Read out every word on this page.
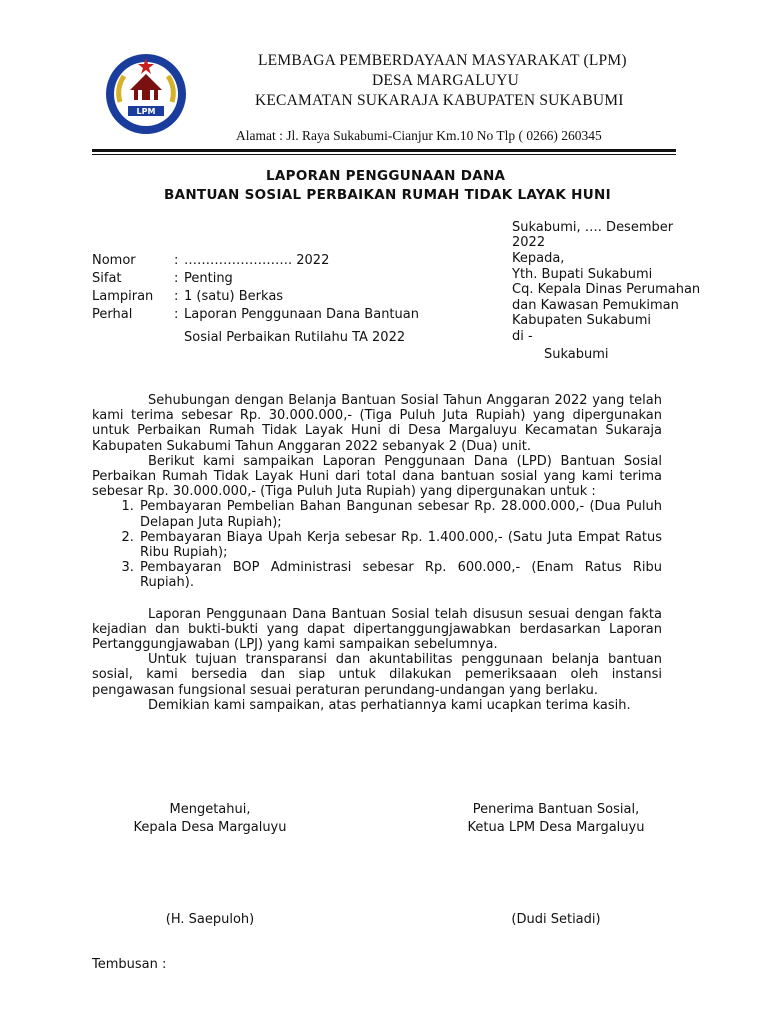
LPM
LEMBAGA PEMBERDAYAAN MASYARAKAT (LPM)
DESA MARGALUYU
KECAMATAN SUKARAJA KABUPATEN SUKABUMI
Alamat : Jl. Raya Sukabumi-Cianjur Km.10 No Tlp ( 0266) 260345
LAPORAN PENGGUNAAN DANA
BANTUAN SOSIAL PERBAIKAN RUMAH TIDAK LAYAK HUNI
Nomor	: ……………………. 2022
Sifat	: Penting
Lampiran : 1 (satu) Berkas
Perhal	: Laporan Penggunaan Dana Bantuan
Sosial Perbaikan Rutilahu TA 2022
Sukabumi, …. Desember
2022
Kepada,
Yth. Bupati Sukabumi
Cq. Kepala Dinas Perumahan
dan Kawasan Pemukiman
Kabupaten Sukabumi
di -
Sukabumi

Sehubungan dengan Belanja Bantuan Sosial Tahun Anggaran 2022 yang telah kami terima sebesar Rp. 30.000.000,- (Tiga Puluh Juta Rupiah) yang dipergunakan untuk Perbaikan Rumah Tidak Layak Huni di Desa Margaluyu Kecamatan Sukaraja Kabupaten Sukabumi Tahun Anggaran 2022 sebanyak 2 (Dua) unit.

Berikut kami sampaikan Laporan Penggunaan Dana (LPD) Bantuan Sosial Perbaikan Rumah Tidak Layak Huni dari total dana bantuan sosial yang kami terima sebesar Rp. 30.000.000,- (Tiga Puluh Juta Rupiah) yang dipergunakan untuk :

1. Pembayaran Pembelian Bahan Bangunan sebesar Rp. 28.000.000,- (Dua Puluh Delapan Juta Rupiah);
2. Pembayaran Biaya Upah Kerja sebesar Rp. 1.400.000,- (Satu Juta Empat Ratus Ribu Rupiah);
3. Pembayaran BOP Administrasi sebesar Rp. 600.000,- (Enam Ratus Ribu Rupiah).

Laporan Penggunaan Dana Bantuan Sosial telah disusun sesuai dengan fakta kejadian dan bukti-bukti yang dapat dipertanggungjawabkan berdasarkan Laporan Pertanggungjawaban (LPJ) yang kami sampaikan sebelumnya.

Untuk tujuan transparansi dan akuntabilitas penggunaan belanja bantuan sosial, kami bersedia dan siap untuk dilakukan pemeriksaaan oleh instansi pengawasan fungsional sesuai peraturan perundang-undangan yang berlaku.

Demikian kami sampaikan, atas perhatiannya kami ucapkan terima kasih.

Mengetahui,
Kepala Desa Margaluyu
(H. Saepuloh)
Penerima Bantuan Sosial,
Ketua LPM Desa Margaluyu
(Dudi Setiadi)
Tembusan :
